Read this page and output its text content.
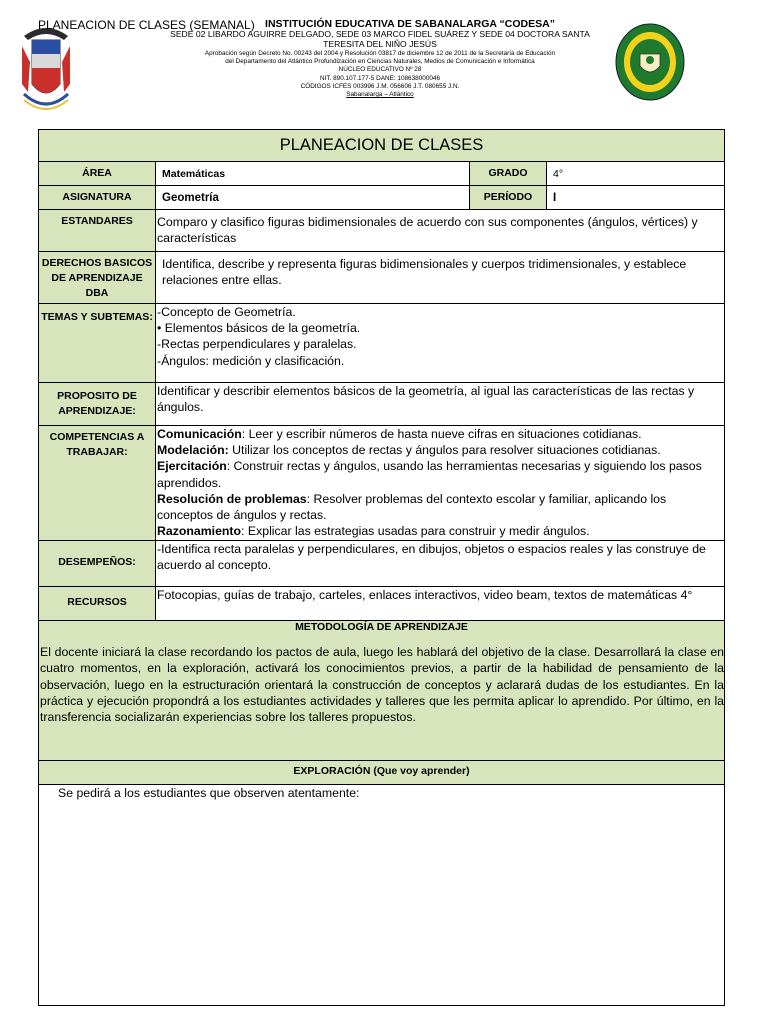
PLANEACION DE CLASES (SEMANAL) INSTITUCIÓN EDUCATIVA DE SABANALARGA “CODESA”
SEDE 02 LIBARDO AGUIRRE DELGADO, SEDE 03 MARCO FIDEL SUÁREZ Y SEDE 04 DOCTORA SANTA
TERESITA DEL NIÑO JESÚS
Aprobación según Decreto No. 00243 del 2004 y Resolución 03817 de diciembre 12 de 2011 de la Secretaría de Educación
del Departamento del Atlántico Profundización en Ciencias Naturales, Medios de Comunicación e Informática
NÚCLEO EDUCATIVO Nº 28
NIT. 890.107.177-5 DANE: 108638000046
CÓDIGOS ICFES 003996 J.M. 056606 J.T. 080655 J.N.
Sabanalarga – Atlántico
PLANEACION DE CLASES			
ÁREA	Matemáticas	GRADO	4°
ASIGNATURA	Geometría	PERÍODO	I
ESTANDARES	Comparo y clasifico figuras bidimensionales de acuerdo con sus componentes (ángulos, vértices) y características		
DERECHOS BASICOS DE APRENDIZAJE DBA	Identifica, describe y representa figuras bidimensionales y cuerpos tridimensionales, y establece relaciones entre ellas.		
TEMAS Y SUBTEMAS:	-Concepto de Geometría.
• Elementos básicos de la geometría.
-Rectas perpendiculares y paralelas.
-Ángulos: medición y clasificación.		

PROPOSITO DE APRENDIZAJE:	Identificar y describir elementos básicos de la geometría, al igual las características de las rectas y ángulos.		
COMPETENCIAS A TRABAJAR:	Comunicación: Leer y escribir números de hasta nueve cifras en situaciones cotidianas.
Modelación: Utilizar los conceptos de rectas y ángulos para resolver situaciones cotidianas.
Ejercitación: Construir rectas y ángulos, usando las herramientas necesarias y siguiendo los pasos aprendidos.
Resolución de problemas: Resolver problemas del contexto escolar y familiar, aplicando los conceptos de ángulos y rectas.
Razonamiento: Explicar las estrategias usadas para construir y medir ángulos.		

DESEMPEÑOS:	-Identifica recta paralelas y perpendiculares, en dibujos, objetos o espacios reales y las construye de acuerdo al concepto.		
RECURSOS	Fotocopias, guías de trabajo, carteles, enlaces interactivos, video beam, textos de matemáticas 4°		

METODOLOGÍA DE APRENDIZAJE
El docente iniciará la clase recordando los pactos de aula, luego les hablará del objetivo de la clase. Desarrollará la clase en cuatro momentos, en la exploración, activará los conocimientos previos, a partir de la habilidad de pensamiento de la observación, luego en la estructuración orientará la construcción de conceptos y aclarará dudas de los estudiantes. En la práctica y ejecución propondrá a los estudiantes actividades y talleres que les permita aplicar lo aprendido. Por último, en la transferencia socializarán experiencias sobre los talleres propuestos.			

EXPLORACIÓN (Que voy aprender)			
Se pedirá a los estudiantes que observen atentamente:			
